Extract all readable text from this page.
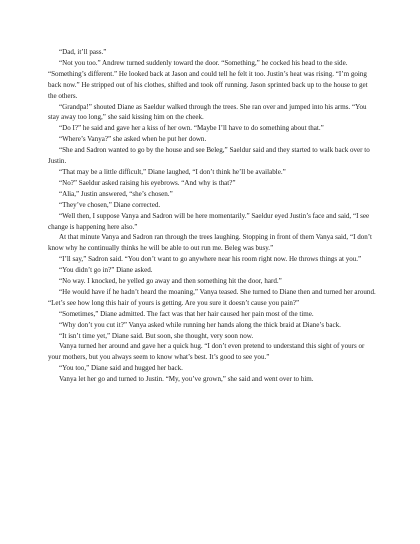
“Dad, it’ll pass.”

“Not you too.” Andrew turned suddenly toward the door. “Something,” he cocked his head to the side. “Something’s different.” He looked back at Jason and could tell he felt it too. Justin’s heat was rising. “I’m going back now.” He stripped out of his clothes, shifted and took off running. Jason sprinted back up to the house to get the others.

“Grandpa!” shouted Diane as Saeldur walked through the trees. She ran over and jumped into his arms. “You stay away too long,” she said kissing him on the cheek.

“Do I?” he said and gave her a kiss of her own. “Maybe I’ll have to do something about that.”

“Where’s Vanya?” she asked when he put her down.

“She and Sadron wanted to go by the house and see Beleg,” Saeldur said and they started to walk back over to Justin.

“That may be a little difficult,” Diane laughed, “I don’t think he’ll be available.”

“No?” Saeldur asked raising his eyebrows. “And why is that?”

“Alia,” Justin answered, “she’s chosen.”

“They’ve chosen,” Diane corrected.

“Well then, I suppose Vanya and Sadron will be here momentarily.” Saeldur eyed Justin’s face and said, “I see change is happening here also.”

At that minute Vanya and Sadron ran through the trees laughing. Stopping in front of them Vanya said, “I don’t know why he continually thinks he will be able to out run me. Beleg was busy.”

“I’ll say,” Sadron said. “You don’t want to go anywhere near his room right now. He throws things at you.”

“You didn’t go in?” Diane asked.

“No way. I knocked, he yelled go away and then something hit the door, hard.”

“He would have if he hadn’t heard the moaning,” Vanya teased. She turned to Diane then and turned her around. “Let’s see how long this hair of yours is getting. Are you sure it doesn’t cause you pain?”

“Sometimes,” Diane admitted. The fact was that her hair caused her pain most of the time.

“Why don’t you cut it?” Vanya asked while running her hands along the thick braid at Diane’s back.

“It isn’t time yet,” Diane said. But soon, she thought, very soon now.

Vanya turned her around and gave her a quick hug. “I don’t even pretend to understand this sight of yours or your mothers, but you always seem to know what’s best. It’s good to see you.”

“You too,” Diane said and hugged her back.

Vanya let her go and turned to Justin. “My, you’ve grown,” she said and went over to him.
